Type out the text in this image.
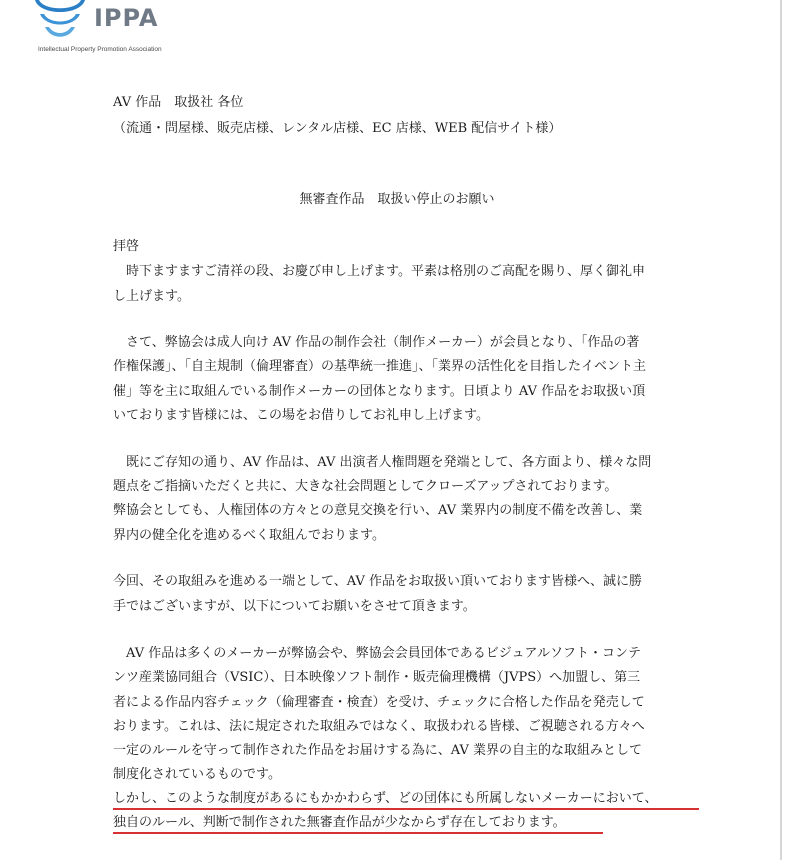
IPPA
Intellectual Property Promotion Association
AV 作品　取扱社 各位
（流通・問屋様、販売店様、レンタル店様、EC 店様、WEB 配信サイト様）
無審査作品　取扱い停止のお願い
拝啓
　時下ますますご清祥の段、お慶び申し上げます。平素は格別のご高配を賜り、厚く御礼申
し上げます。
　さて、弊協会は成人向け AV 作品の制作会社（制作メーカー）が会員となり、「作品の著
作権保護」、「自主規制（倫理審査）の基準統一推進」、「業界の活性化を目指したイベント主
催」等を主に取組んでいる制作メーカーの団体となります。日頃より AV 作品をお取扱い頂
いております皆様には、この場をお借りしてお礼申し上げます。
　既にご存知の通り、AV 作品は、AV 出演者人権問題を発端として、各方面より、様々な問
題点をご指摘いただくと共に、大きな社会問題としてクローズアップされております。
弊協会としても、人権団体の方々との意見交換を行い、AV 業界内の制度不備を改善し、業
界内の健全化を進めるべく取組んでおります。
今回、その取組みを進める一端として、AV 作品をお取扱い頂いております皆様へ、誠に勝
手ではございますが、以下についてお願いをさせて頂きます。
　AV 作品は多くのメーカーが弊協会や、弊協会会員団体であるビジュアルソフト・コンテ
ンツ産業協同組合（VSIC）、日本映像ソフト制作・販売倫理機構（JVPS）へ加盟し、第三
者による作品内容チェック（倫理審査・検査）を受け、チェックに合格した作品を発売して
おります。これは、法に規定された取組みではなく、取扱われる皆様、ご視聴される方々へ
一定のルールを守って制作された作品をお届けする為に、AV 業界の自主的な取組みとして
制度化されているものです。
しかし、このような制度があるにもかかわらず、どの団体にも所属しないメーカーにおいて、
独自のルール、判断で制作された無審査作品が少なからず存在しております。
